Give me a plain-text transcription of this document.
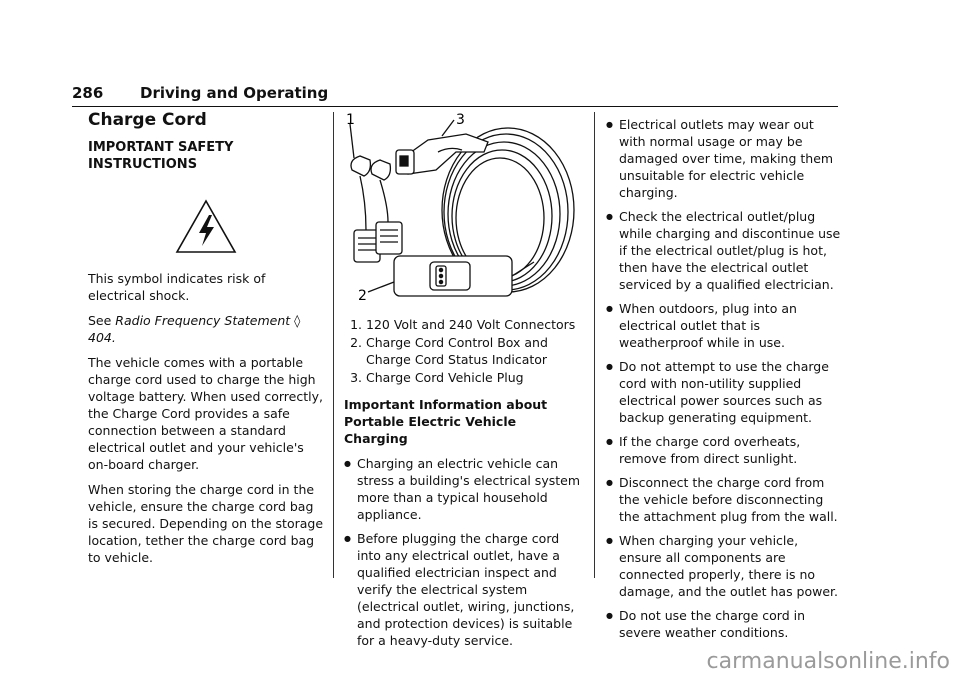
286 Driving and Operating
Charge Cord
IMPORTANT SAFETY INSTRUCTIONS

This symbol indicates risk of electrical shock.

See Radio Frequency Statement ◊ 404.

The vehicle comes with a portable charge cord used to charge the high voltage battery. When used correctly, the Charge Cord provides a safe connection between a standard electrical outlet and your vehicle's on-board charger.

When storing the charge cord in the vehicle, ensure the charge cord bag is secured. Depending on the storage location, tether the charge cord bag to vehicle.

1	3
2
1. 120 Volt and 240 Volt Connectors
2. Charge Cord Control Box and Charge Cord Status Indicator
3. Charge Cord Vehicle Plug

Important Information about Portable Electric Vehicle Charging

● Charging an electric vehicle can stress a building's electrical system more than a typical household appliance.
● Before plugging the charge cord into any electrical outlet, have a qualified electrician inspect and verify the electrical system (electrical outlet, wiring, junctions, and protection devices) is suitable for a heavy-duty service.
● Electrical outlets may wear out with normal usage or may be damaged over time, making them unsuitable for electric vehicle charging.
● Check the electrical outlet/plug while charging and discontinue use if the electrical outlet/plug is hot, then have the electrical outlet serviced by a qualified electrician.
● When outdoors, plug into an electrical outlet that is weatherproof while in use.
● Do not attempt to use the charge cord with non-utility supplied electrical power sources such as backup generating equipment.
● If the charge cord overheats, remove from direct sunlight.
● Disconnect the charge cord from the vehicle before disconnecting the attachment plug from the wall.
● When charging your vehicle, ensure all components are connected properly, there is no damage, and the outlet has power.
● Do not use the charge cord in severe weather conditions.
carmanualsonline.info
